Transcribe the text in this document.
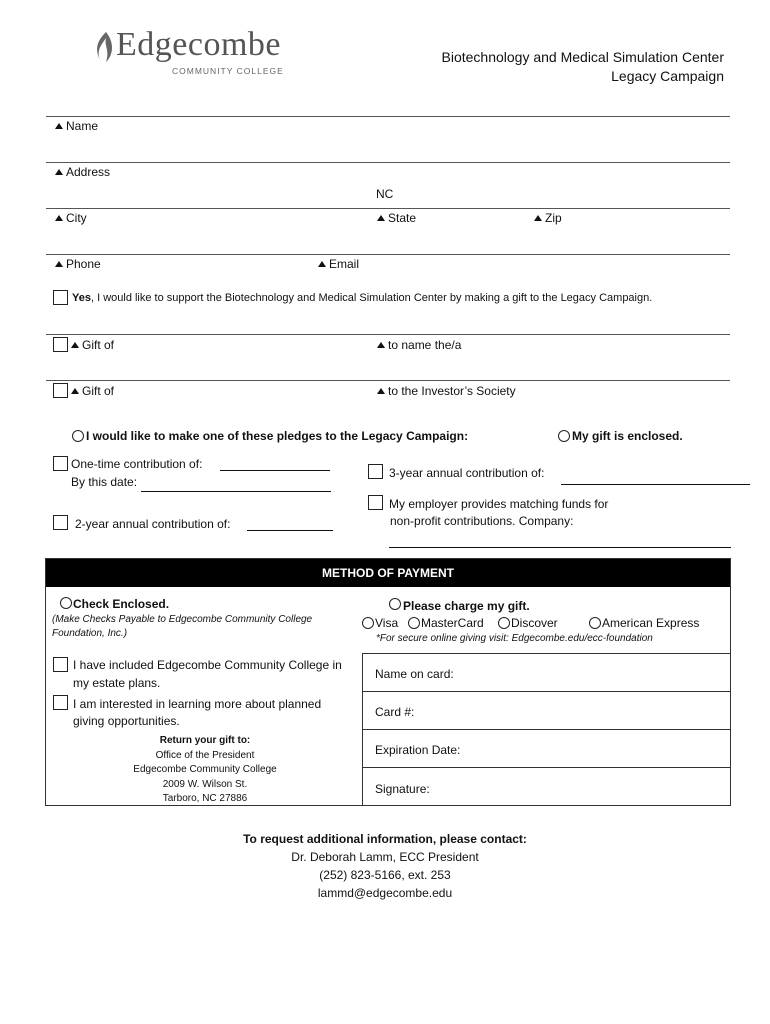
Edgecombe
COMMUNITY COLLEGE
Biotechnology and Medical Simulation Center
Legacy Campaign
Name
Address
NC
City	State	Zip
Phone	Email
Yes, I would like to support the Biotechnology and Medical Simulation Center by making a gift to the Legacy Campaign.
Gift of	to name the/a
Gift of	to the Investor’s Society
I would like to make one of these pledges to the Legacy Campaign:	My gift is enclosed.
One-time contribution of:
By this date:
3-year annual contribution of:
My employer provides matching funds for
non-profit contributions. Company:
2-year annual contribution of:
METHOD OF PAYMENT
Check Enclosed.
(Make Checks Payable to Edgecombe Community College
Foundation, Inc.)
Please charge my gift.
Visa MasterCard Discover	American Express
*For secure online giving visit: Edgecombe.edu/ecc-foundation
I have included Edgecombe Community College in
my estate plans.
I am interested in learning more about planned
giving opportunities.
Return your gift to:
Office of the President
Edgecombe Community College
2009 W. Wilson St.
Tarboro, NC 27886
Name on card:
Card #:
Expiration Date:
Signature:
To request additional information, please contact:
Dr. Deborah Lamm, ECC President
(252) 823-5166, ext. 253
lammd@edgecombe.edu
